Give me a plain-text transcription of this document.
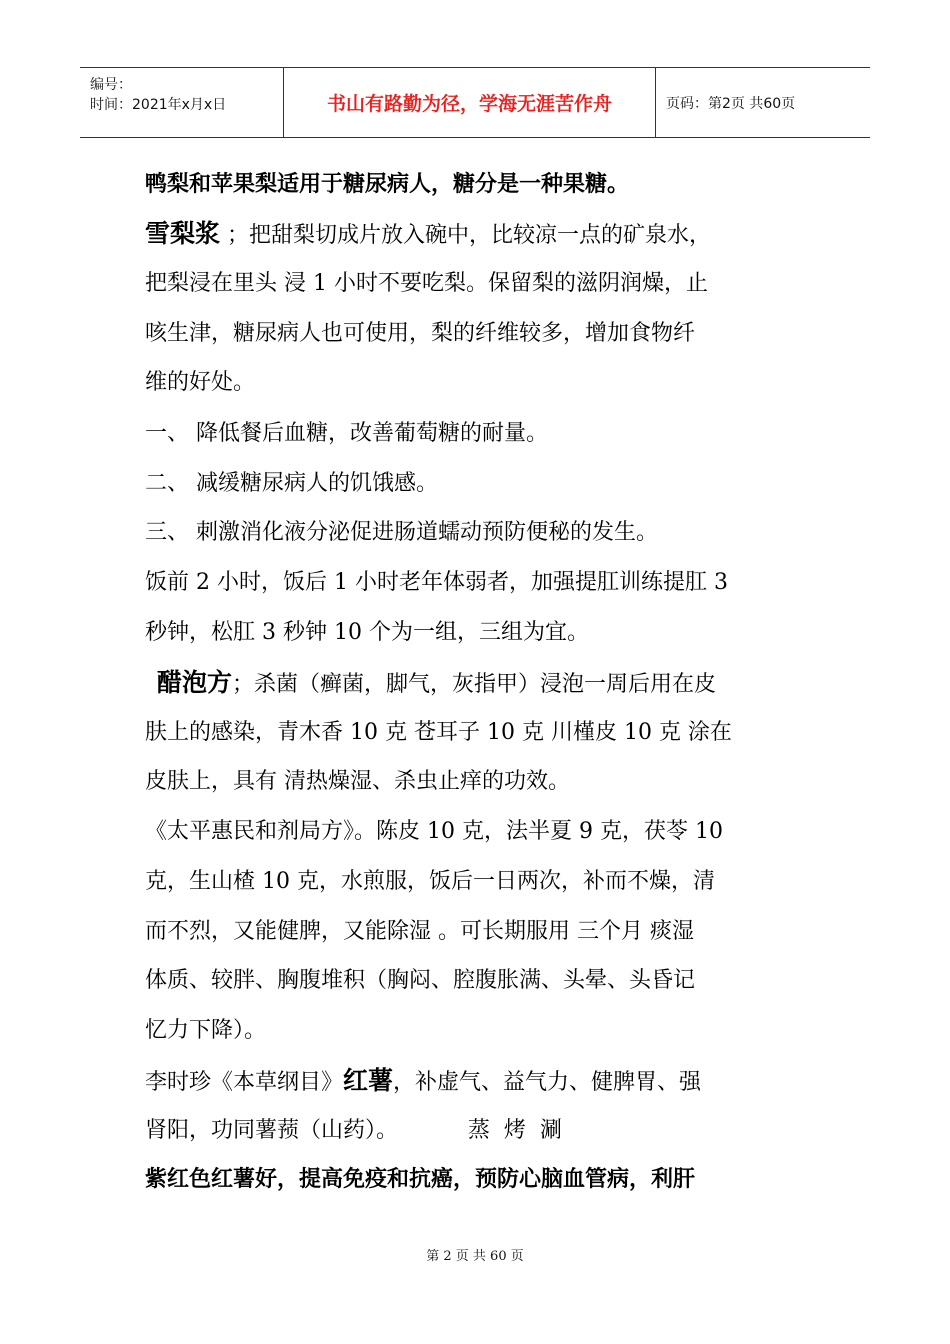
编号：
时间：2021年x月x日	书山有路勤为径，学海无涯苦作舟	页码：第2页 共60页
鸭梨和苹果梨适用于糖尿病人，糖分是一种果糖。
雪梨浆 ；把甜梨切成片放入碗中，比较凉一点的矿泉水，
把梨浸在里头 浸 1 小时不要吃梨。保留梨的滋阴润燥，止
咳生津，糖尿病人也可使用，梨的纤维较多，增加食物纤
维的好处。
一、 降低餐后血糖，改善葡萄糖的耐量。
二、 减缓糖尿病人的饥饿感。
三、 刺激消化液分泌促进肠道蠕动预防便秘的发生。
饭前 2 小时，饭后 1 小时老年体弱者，加强提肛训练提肛 3
秒钟，松肛 3 秒钟 10 个为一组，三组为宜。
醋泡方；杀菌（癣菌，脚气，灰指甲）浸泡一周后用在皮
肤上的感染，青木香 10 克 苍耳子 10 克 川槿皮 10 克 涂在
皮肤上，具有 清热燥湿、杀虫止痒的功效。
《太平惠民和剂局方》。陈皮 10 克，法半夏 9 克，茯苓 10
克，生山楂 10 克，水煎服，饭后一日两次，补而不燥，清
而不烈，又能健脾，又能除湿 。可长期服用 三个月 痰湿
体质、较胖、胸腹堆积（胸闷、腔腹胀满、头晕、头昏记
忆力下降）。
李时珍《本草纲目》红薯，补虚气、益气力、健脾胃、强
肾阳，功同薯蓣（山药）。          蒸  烤  涮
紫红色红薯好，提高免疫和抗癌，预防心脑血管病，利肝
第 2 页 共 60 页
